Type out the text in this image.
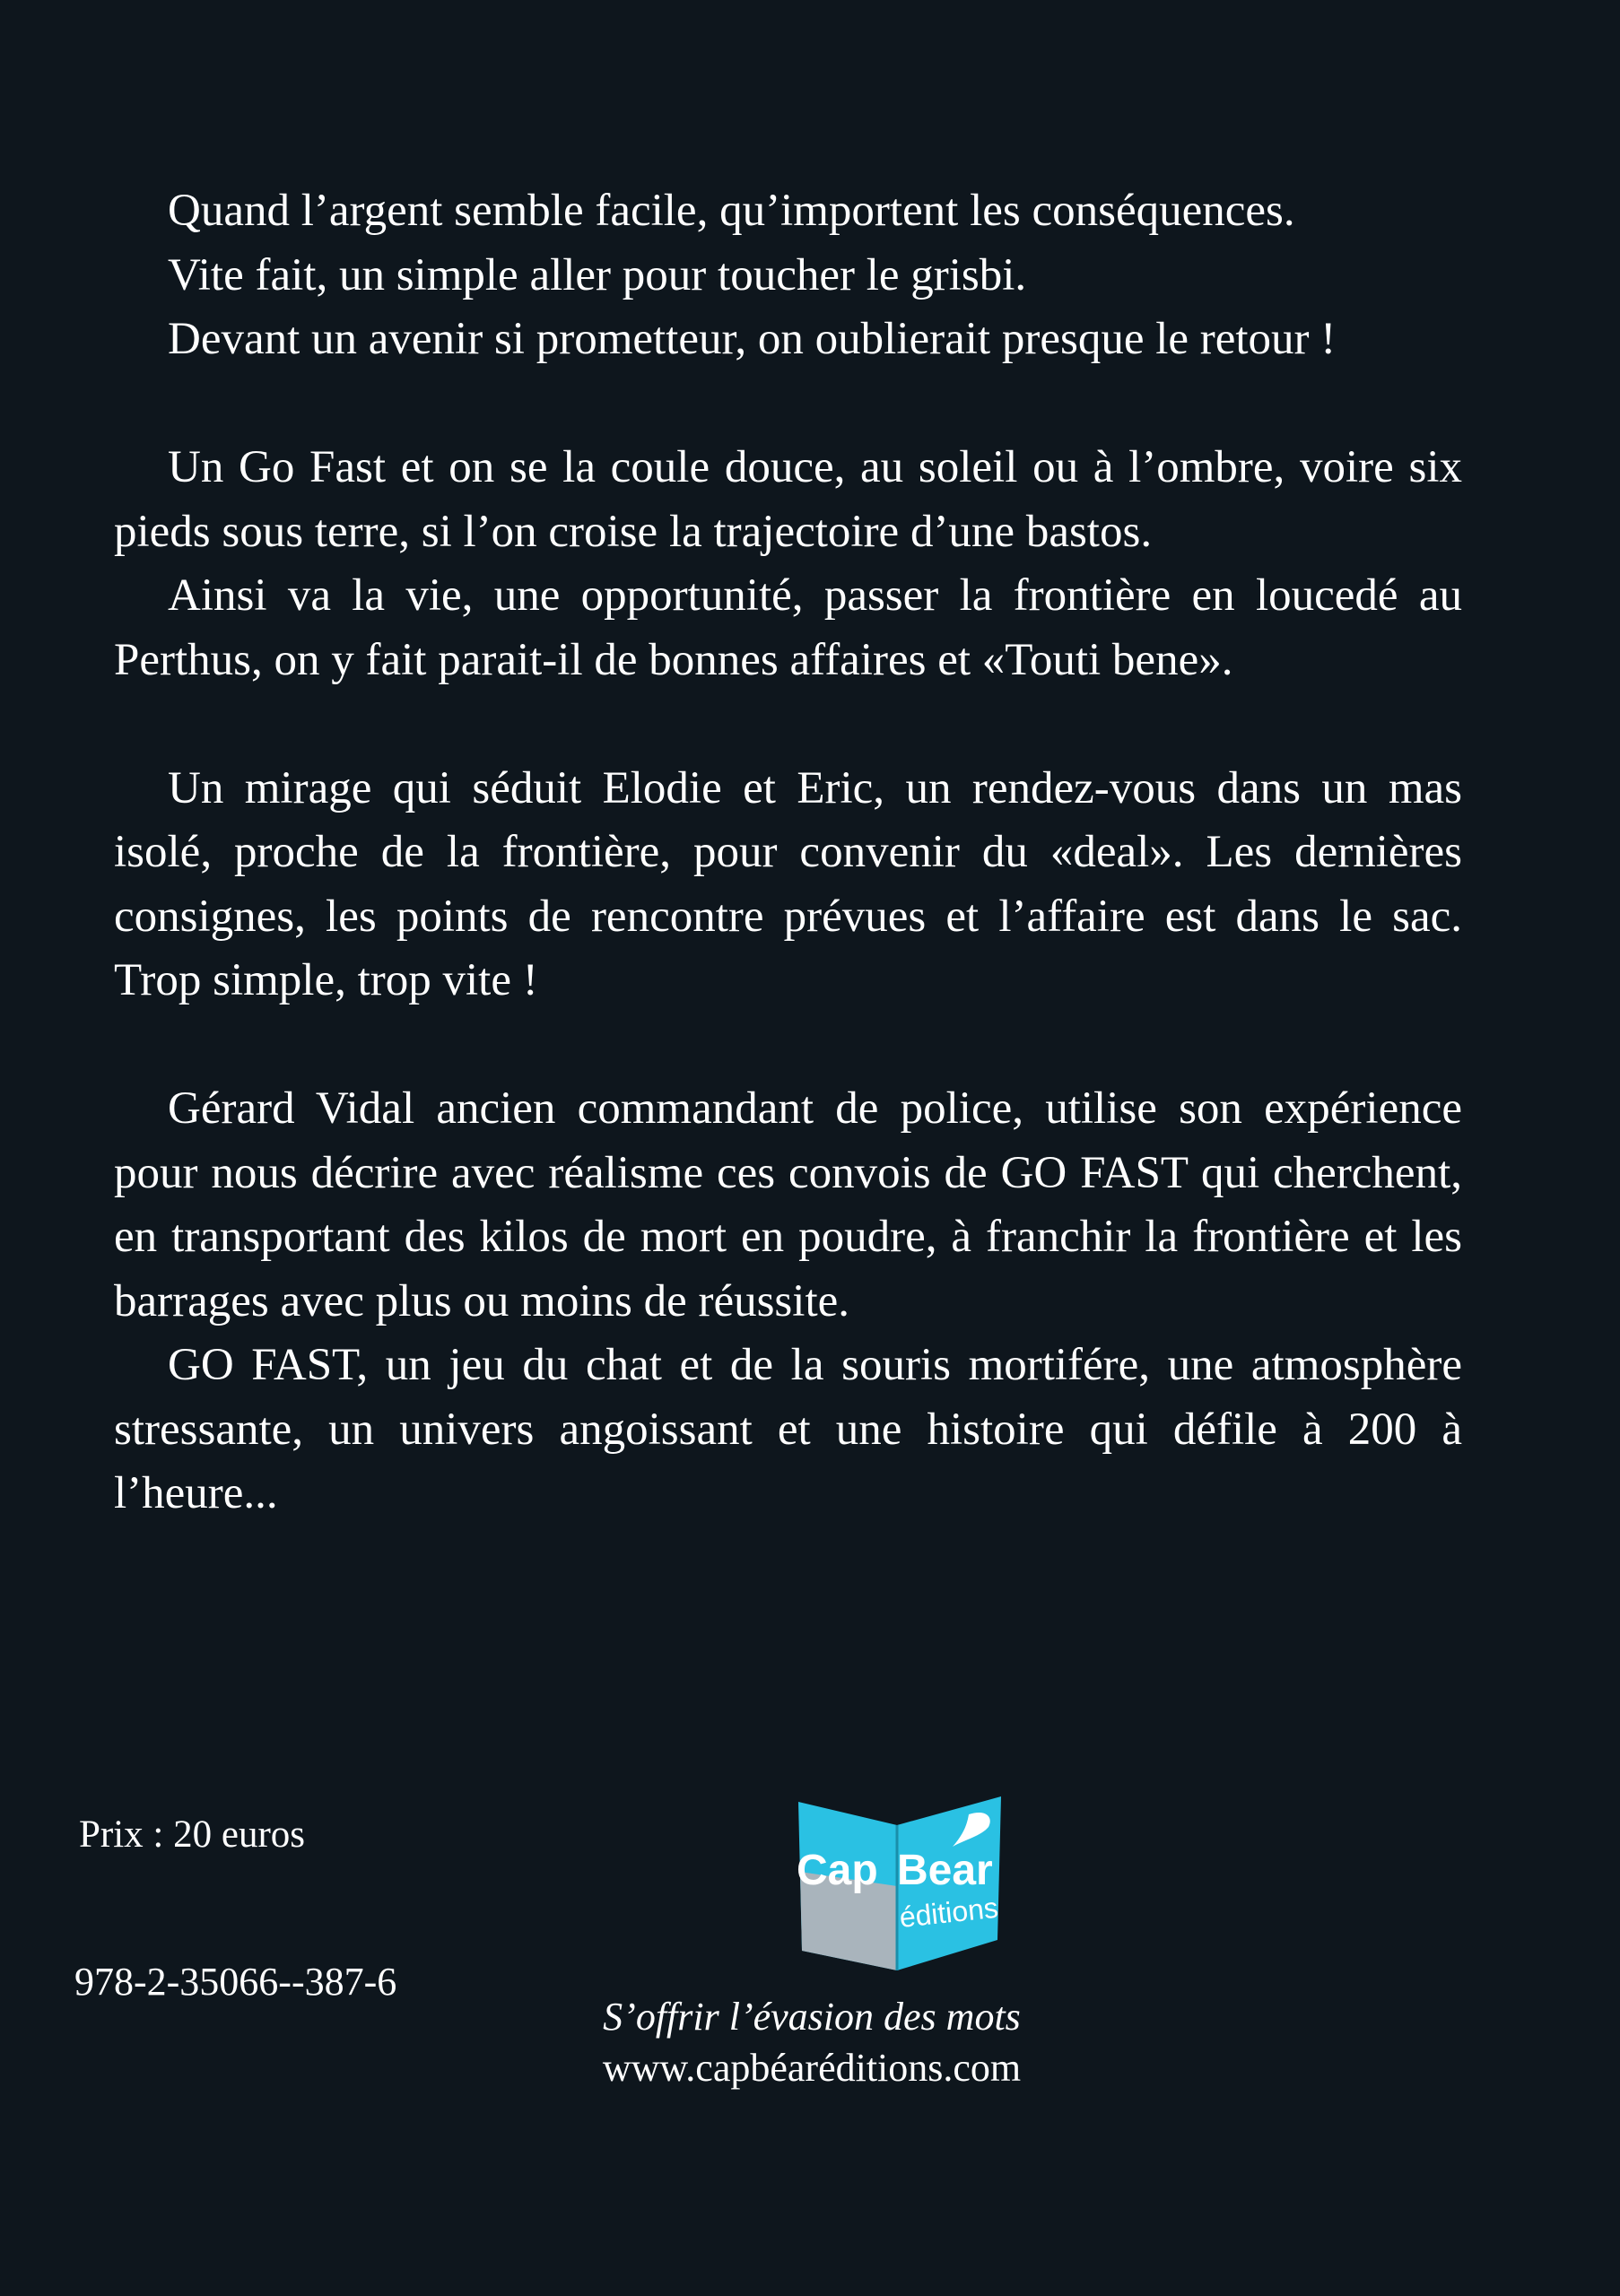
Quand l’argent semble facile, qu’importent les conséquences.

Vite fait, un simple aller pour toucher le grisbi.

Devant un avenir si prometteur, on oublierait presque le retour !

Un Go Fast et on se la coule douce, au soleil ou à l’ombre, voire six pieds sous terre, si l’on croise la trajectoire d’une bastos.

Ainsi va la vie, une opportunité, passer la frontière en loucedé au Perthus, on y fait parait-il de bonnes affaires et «Touti bene».

Un mirage qui séduit Elodie et Eric, un rendez-vous dans un mas isolé, proche de la frontière, pour convenir du «deal». Les dernières consignes, les points de rencontre prévues et l’affaire est dans le sac. Trop simple, trop vite !

Gérard Vidal ancien commandant de police, utilise son expérience pour nous décrire avec réalisme ces convois de GO FAST qui cherchent, en transportant des kilos de mort en poudre, à franchir la frontière et les barrages avec plus ou moins de réussite.

GO FAST, un jeu du chat et de la souris mortifére, une atmosphère stressante, un univers angoissant et une histoire qui défile à 200 à l’heure...

Prix : 20 euros
978-2-35066--387-6
Cap Bear
éditions
S’offrir l’évasion des mots
www.capbéaréditions.com
